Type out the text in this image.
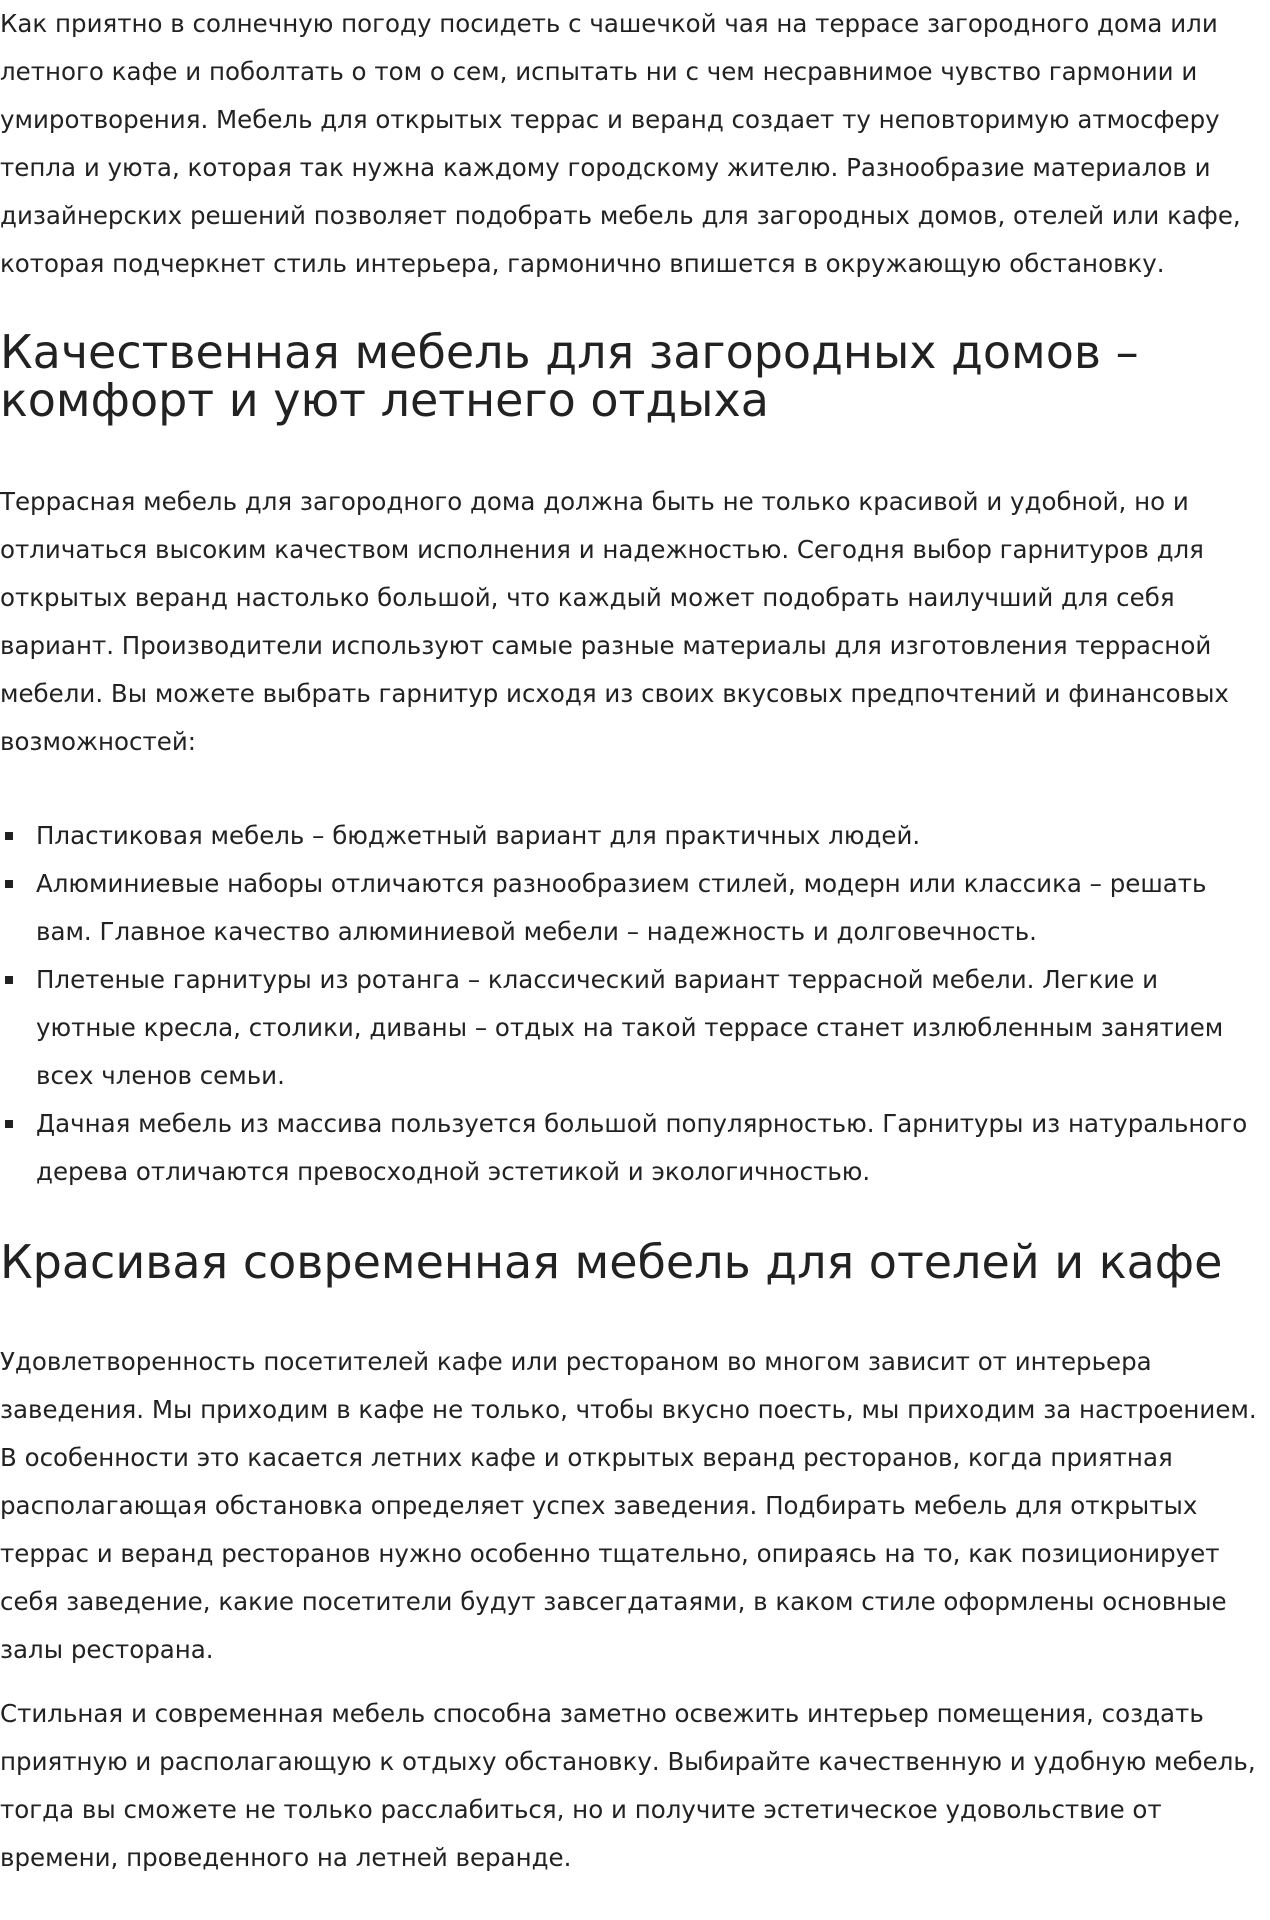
Как приятно в солнечную погоду посидеть с чашечкой чая на террасе загородного дома или летного кафе и поболтать о том о сем, испытать ни с чем несравнимое чувство гармонии и умиротворения. Мебель для открытых террас и веранд создает ту неповторимую атмосферу тепла и уюта, которая так нужна каждому городскому жителю. Разнообразие материалов и дизайнерских решений позволяет подобрать мебель для загородных домов, отелей или кафе, которая подчеркнет стиль интерьера, гармонично впишется в окружающую обстановку.

Качественная мебель для загородных домов – комфорт и уют летнего отдыха

Террасная мебель для загородного дома должна быть не только красивой и удобной, но и отличаться высоким качеством исполнения и надежностью. Сегодня выбор гарнитуров для открытых веранд настолько большой, что каждый может подобрать наилучший для себя вариант. Производители используют самые разные материалы для изготовления террасной мебели. Вы можете выбрать гарнитур исходя из своих вкусовых предпочтений и финансовых возможностей:

Пластиковая мебель – бюджетный вариант для практичных людей.
Алюминиевые наборы отличаются разнообразием стилей, модерн или классика – решать вам. Главное качество алюминиевой мебели – надежность и долговечность.
Плетеные гарнитуры из ротанга – классический вариант террасной мебели. Легкие и уютные кресла, столики, диваны – отдых на такой террасе станет излюбленным занятием всех членов семьи.
Дачная мебель из массива пользуется большой популярностью. Гарнитуры из натурального дерева отличаются превосходной эстетикой и экологичностью.
Красивая современная мебель для отелей и кафе

Удовлетворенность посетителей кафе или рестораном во многом зависит от интерьера заведения. Мы приходим в кафе не только, чтобы вкусно поесть, мы приходим за настроением. В особенности это касается летних кафе и открытых веранд ресторанов, когда приятная располагающая обстановка определяет успех заведения. Подбирать мебель для открытых террас и веранд ресторанов нужно особенно тщательно, опираясь на то, как позиционирует себя заведение, какие посетители будут завсегдатаями, в каком стиле оформлены основные залы ресторана.

Стильная и современная мебель способна заметно освежить интерьер помещения, создать приятную и располагающую к отдыху обстановку. Выбирайте качественную и удобную мебель, тогда вы сможете не только расслабиться, но и получите эстетическое удовольствие от времени, проведенного на летней веранде.
